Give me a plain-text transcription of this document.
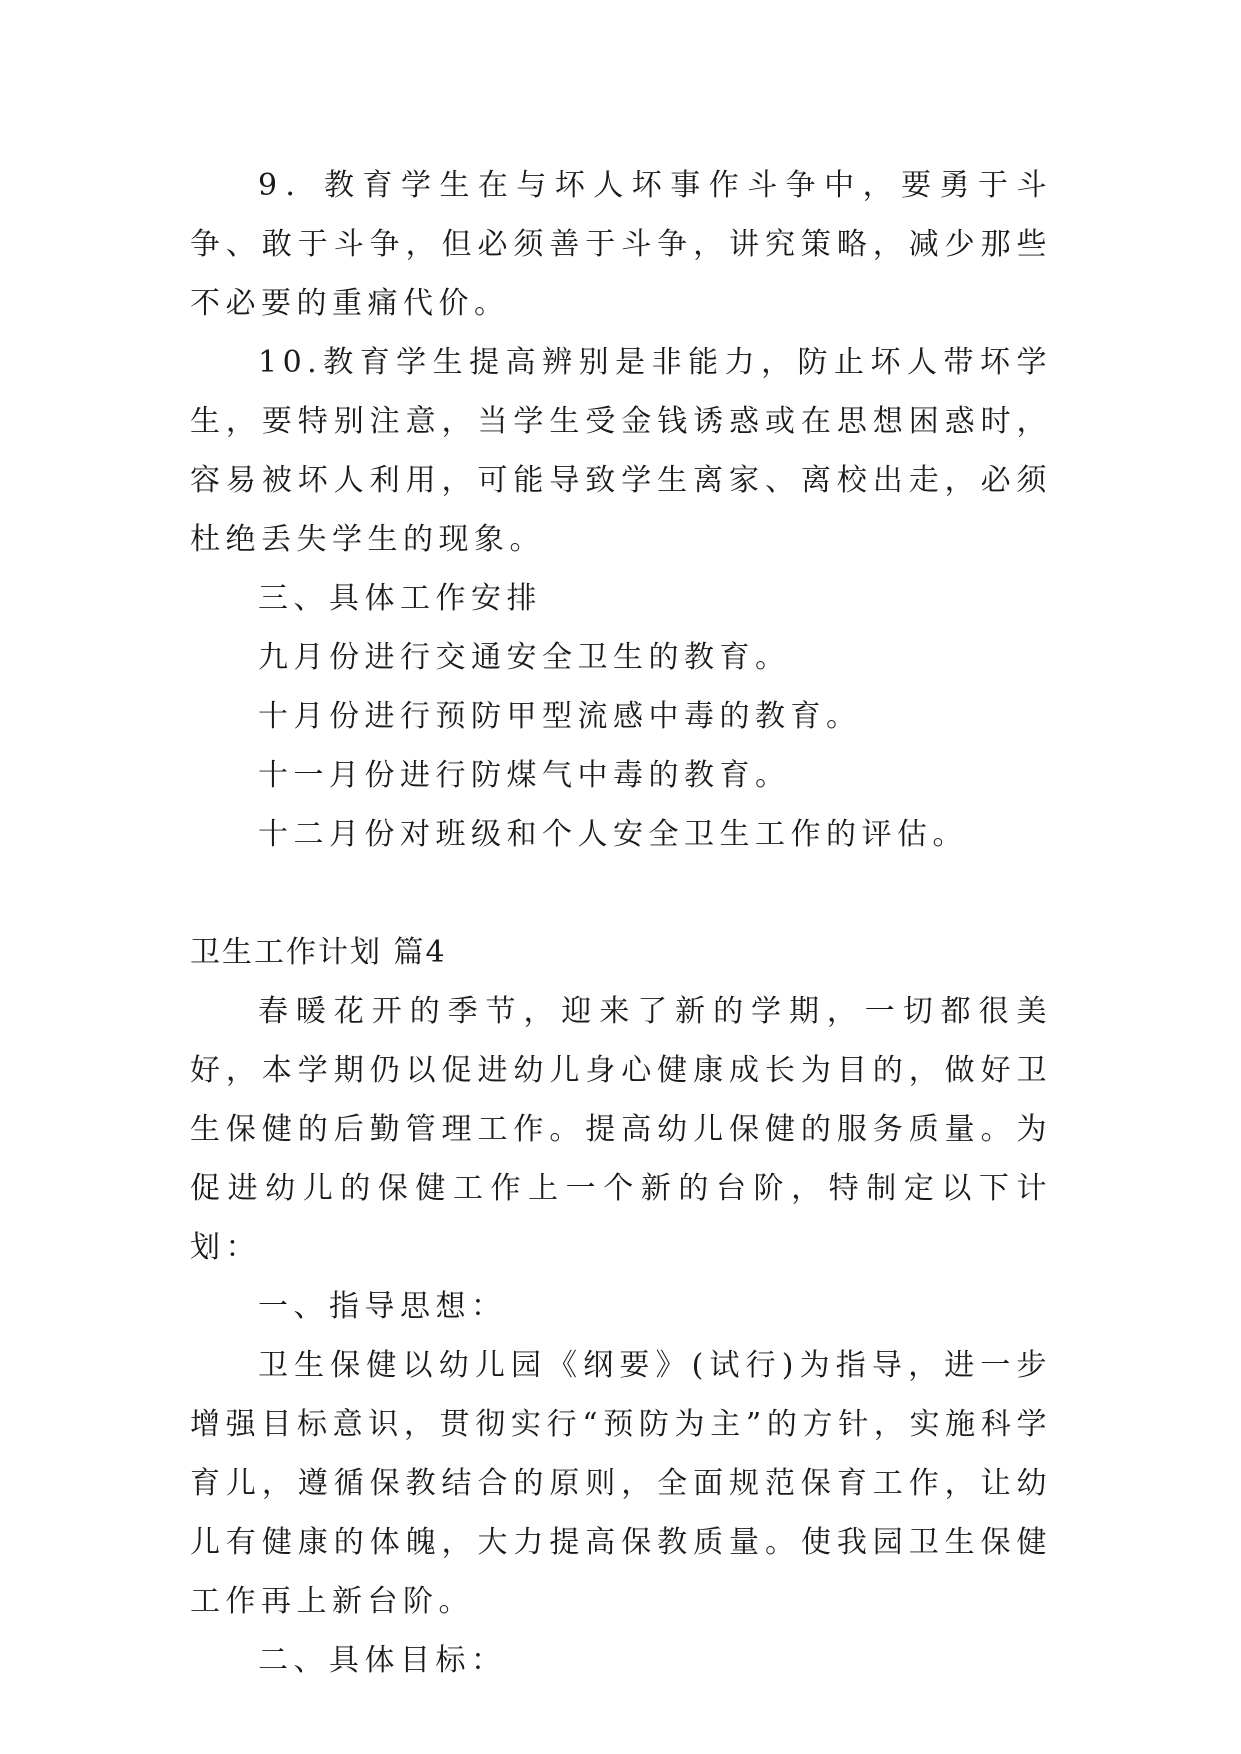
9．教育学生在与坏人坏事作斗争中，要勇于斗争、敢于斗争，但必须善于斗争，讲究策略，减少那些不必要的重痛代价。

10.教育学生提高辨别是非能力，防止坏人带坏学生，要特别注意，当学生受金钱诱惑或在思想困惑时，容易被坏人利用，可能导致学生离家、离校出走，必须杜绝丢失学生的现象。

三、具体工作安排

九月份进行交通安全卫生的教育。

十月份进行预防甲型流感中毒的教育。

十一月份进行防煤气中毒的教育。

十二月份对班级和个人安全卫生工作的评估。

卫生工作计划 篇4

春暖花开的季节，迎来了新的学期，一切都很美好，本学期仍以促进幼儿身心健康成长为目的，做好卫生保健的后勤管理工作。提高幼儿保健的服务质量。为促进幼儿的保健工作上一个新的台阶，特制定以下计划：

一、指导思想：

卫生保健以幼儿园《纲要》(试行)为指导，进一步增强目标意识，贯彻实行“预防为主”的方针，实施科学育儿，遵循保教结合的原则，全面规范保育工作，让幼儿有健康的体魄，大力提高保教质量。使我园卫生保健工作再上新台阶。

二、具体目标：
